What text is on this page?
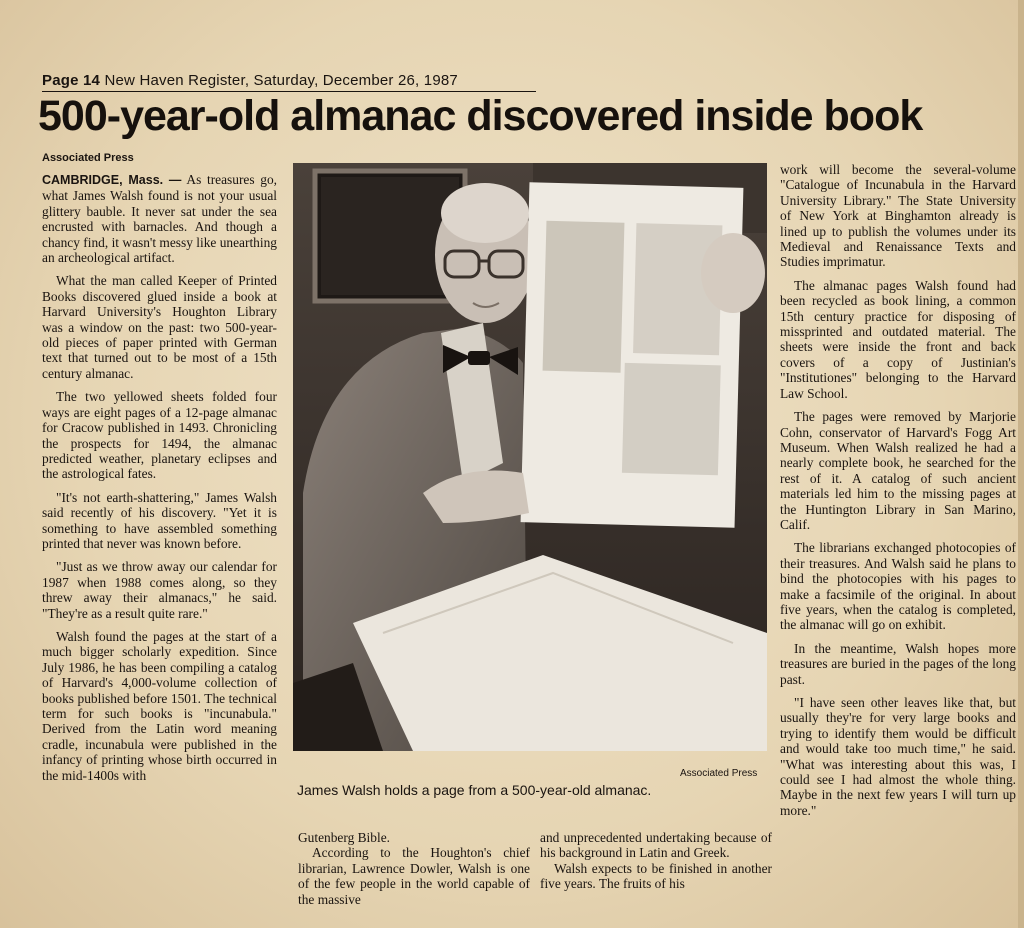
Page 14 New Haven Register, Saturday, December 26, 1987
500-year-old almanac discovered inside book
Associated Press

CAMBRIDGE, Mass. — As treasures go, what James Walsh found is not your usual glittery bauble. It never sat under the sea encrusted with barnacles. And though a chancy find, it wasn't messy like unearthing an archeological artifact.

What the man called Keeper of Printed Books discovered glued inside a book at Harvard University's Houghton Library was a window on the past: two 500-year-old pieces of paper printed with German text that turned out to be most of a 15th century almanac.

The two yellowed sheets folded four ways are eight pages of a 12-page almanac for Cracow published in 1493. Chronicling the prospects for 1494, the almanac predicted weather, planetary eclipses and the astrological fates.

"It's not earth-shattering," James Walsh said recently of his discovery. "Yet it is something to have assembled something printed that never was known before.

"Just as we throw away our calendar for 1987 when 1988 comes along, so they threw away their almanacs," he said. "They're as a result quite rare."

Walsh found the pages at the start of a much bigger scholarly expedition. Since July 1986, he has been compiling a catalog of Harvard's 4,000-volume collection of books published before 1501. The technical term for such books is "incunabula." Derived from the Latin word meaning cradle, incunabula were published in the infancy of printing whose birth occurred in the mid-1400s with	Associated Press
James Walsh holds a page from a 500-year-old almanac.

Gutenberg Bible.

According to the Houghton's chief librarian, Lawrence Dowler, Walsh is one of the few people in the world capable of the massive

and unprecedented undertaking because of his background in Latin and Greek.

Walsh expects to be finished in another five years. The fruits of his

work will become the several-volume "Catalogue of Incunabula in the Harvard University Library." The State University of New York at Binghamton already is lined up to publish the volumes under its Medieval and Renaissance Texts and Studies imprimatur.

The almanac pages Walsh found had been recycled as book lining, a common 15th century practice for disposing of missprinted and outdated material. The sheets were inside the front and back covers of a copy of Justinian's "Institutiones" belonging to the Harvard Law School.

The pages were removed by Marjorie Cohn, conservator of Harvard's Fogg Art Museum. When Walsh realized he had a nearly complete book, he searched for the rest of it. A catalog of such ancient materials led him to the missing pages at the Huntington Library in San Marino, Calif.

The librarians exchanged photocopies of their treasures. And Walsh said he plans to bind the photocopies with his pages to make a facsimile of the original. In about five years, when the catalog is completed, the almanac will go on exhibit.

In the meantime, Walsh hopes more treasures are buried in the pages of the long past.

"I have seen other leaves like that, but usually they're for very large books and trying to identify them would be difficult and would take too much time," he said. "What was interesting about this was, I could see I had almost the whole thing. Maybe in the next few years I will turn up more."
